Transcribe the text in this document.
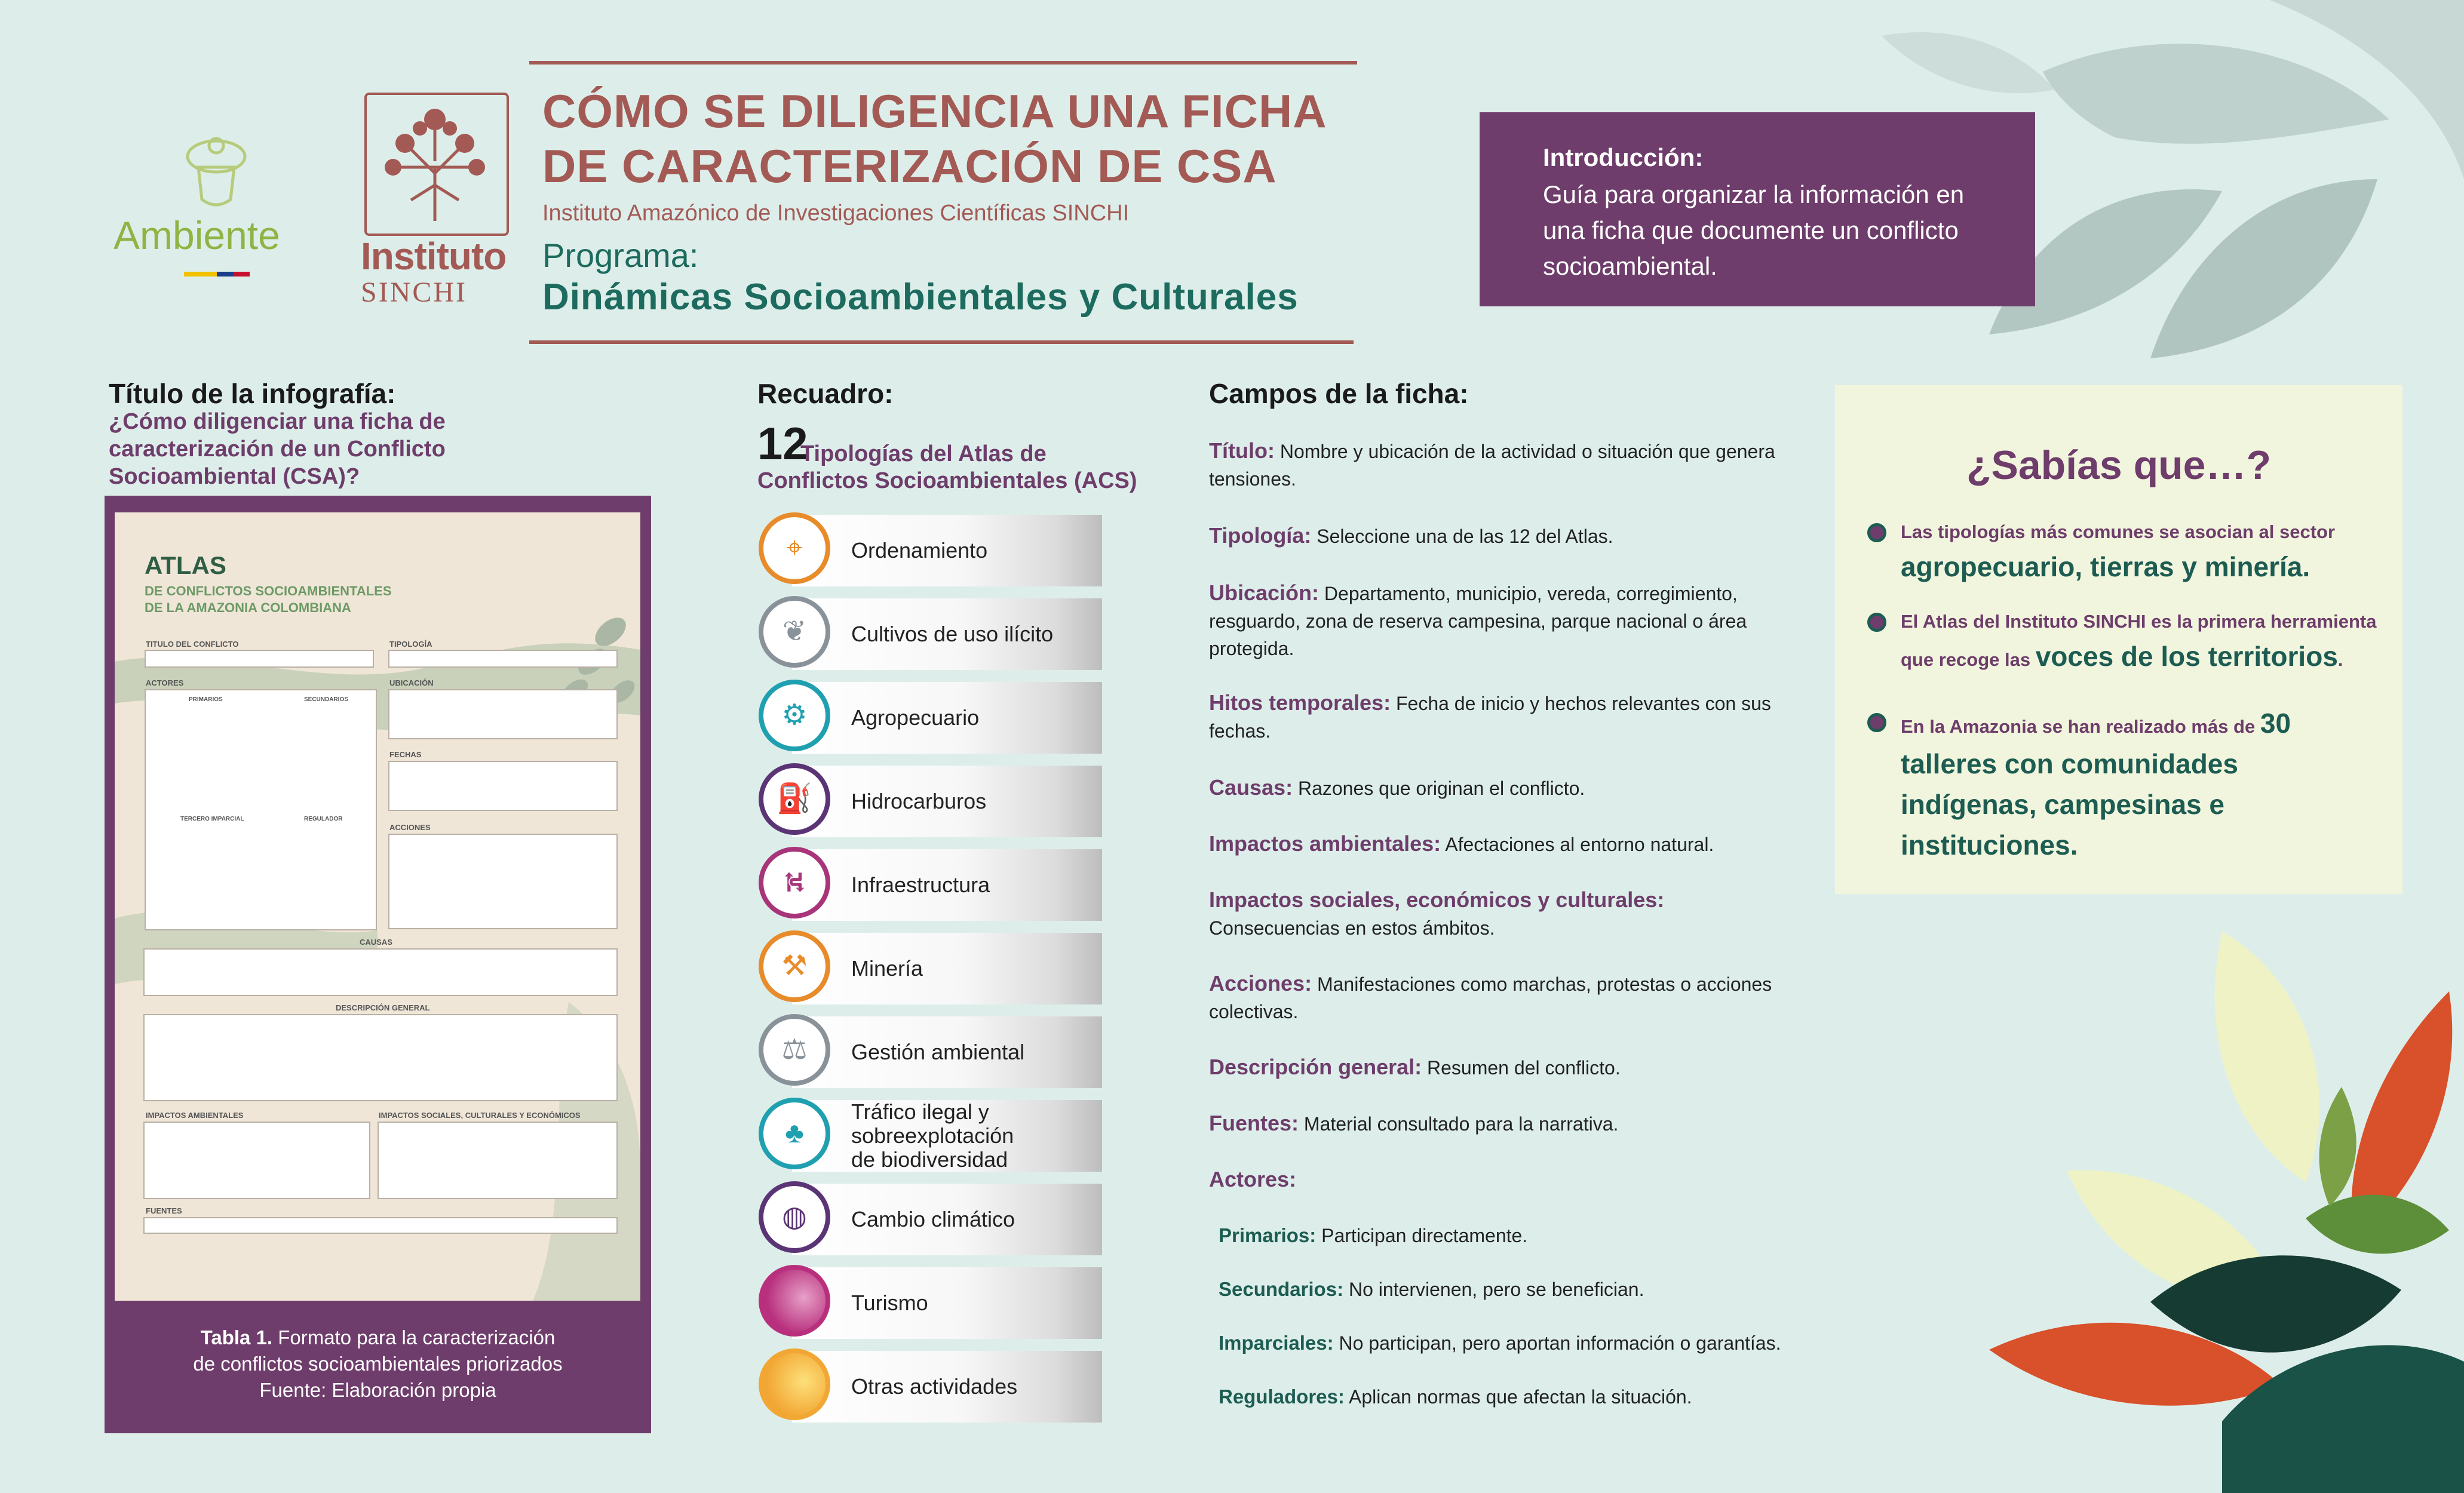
Ambiente Instituto
SINCHI
CÓMO SE DILIGENCIA UNA FICHA
DE CARACTERIZACIÓN DE CSA
Instituto Amazónico de Investigaciones Científicas SINCHI
Programa:
Dinámicas Socioambientales y Culturales
Introducción:
Guía para organizar la información en una ficha que documente un conflicto socioambiental.
Título de la infografía:
¿Cómo diligenciar una ficha de caracterización de un Conflicto Socioambiental (CSA)?
ATLAS
DE CONFLICTOS SOCIOAMBIENTALES
DE LA AMAZONIA COLOMBIANA
TITULO DEL CONFLICTO	TIPOLOGÍA
ACTORES
PRIMARIOS	SECUNDARIOS
TERCERO IMPARCIAL	REGULADOR
UBICACIÓN
FECHAS
ACCIONES
CAUSAS
DESCRIPCIÓN GENERAL
IMPACTOS AMBIENTALES	IMPACTOS SOCIALES, CULTURALES Y ECONÓMICOS
FUENTES
Tabla 1. Formato para la caracterización
de conflictos socioambientales priorizados
Fuente: Elaboración propia
Recuadro:
12
Tipologías del Atlas de
Conflictos Socioambientales (ACS)
⌖	Ordenamiento
❦	Cultivos de uso ilícito
⚙	Agropecuario
⛽	Hidrocarburos
⛕	Infraestructura
⚒	Minería
⚖	Gestión ambiental
♣
Tráfico ilegal y
sobreexplotación
de biodiversidad
◍	Cambio climático
Turismo
Otras actividades
Campos de la ficha:
Título: Nombre y ubicación de la actividad o situación que genera tensiones.
Tipología: Seleccione una de las 12 del Atlas.
Ubicación: Departamento, municipio, vereda, corregimiento, resguardo, zona de reserva campesina, parque nacional o área protegida.
Hitos temporales: Fecha de inicio y hechos relevantes con sus fechas.
Causas: Razones que originan el conflicto.
Impactos ambientales: Afectaciones al entorno natural.
Impactos sociales, económicos y culturales: Consecuencias en estos ámbitos.
Acciones: Manifestaciones como marchas, protestas o acciones colectivas.
Descripción general: Resumen del conflicto.
Fuentes: Material consultado para la narrativa.
Actores:
Primarios: Participan directamente.
Secundarios: No intervienen, pero se benefician.
Imparciales: No participan, pero aportan información o garantías.
Reguladores: Aplican normas que afectan la situación.
¿Sabías que…?
Las tipologías más comunes se asocian al sector
agropecuario, tierras y minería.
El Atlas del Instituto SINCHI es la primera herramienta que recoge las voces de los territorios.
En la Amazonia se han realizado más de 30 talleres con comunidades indígenas, campesinas e instituciones.
